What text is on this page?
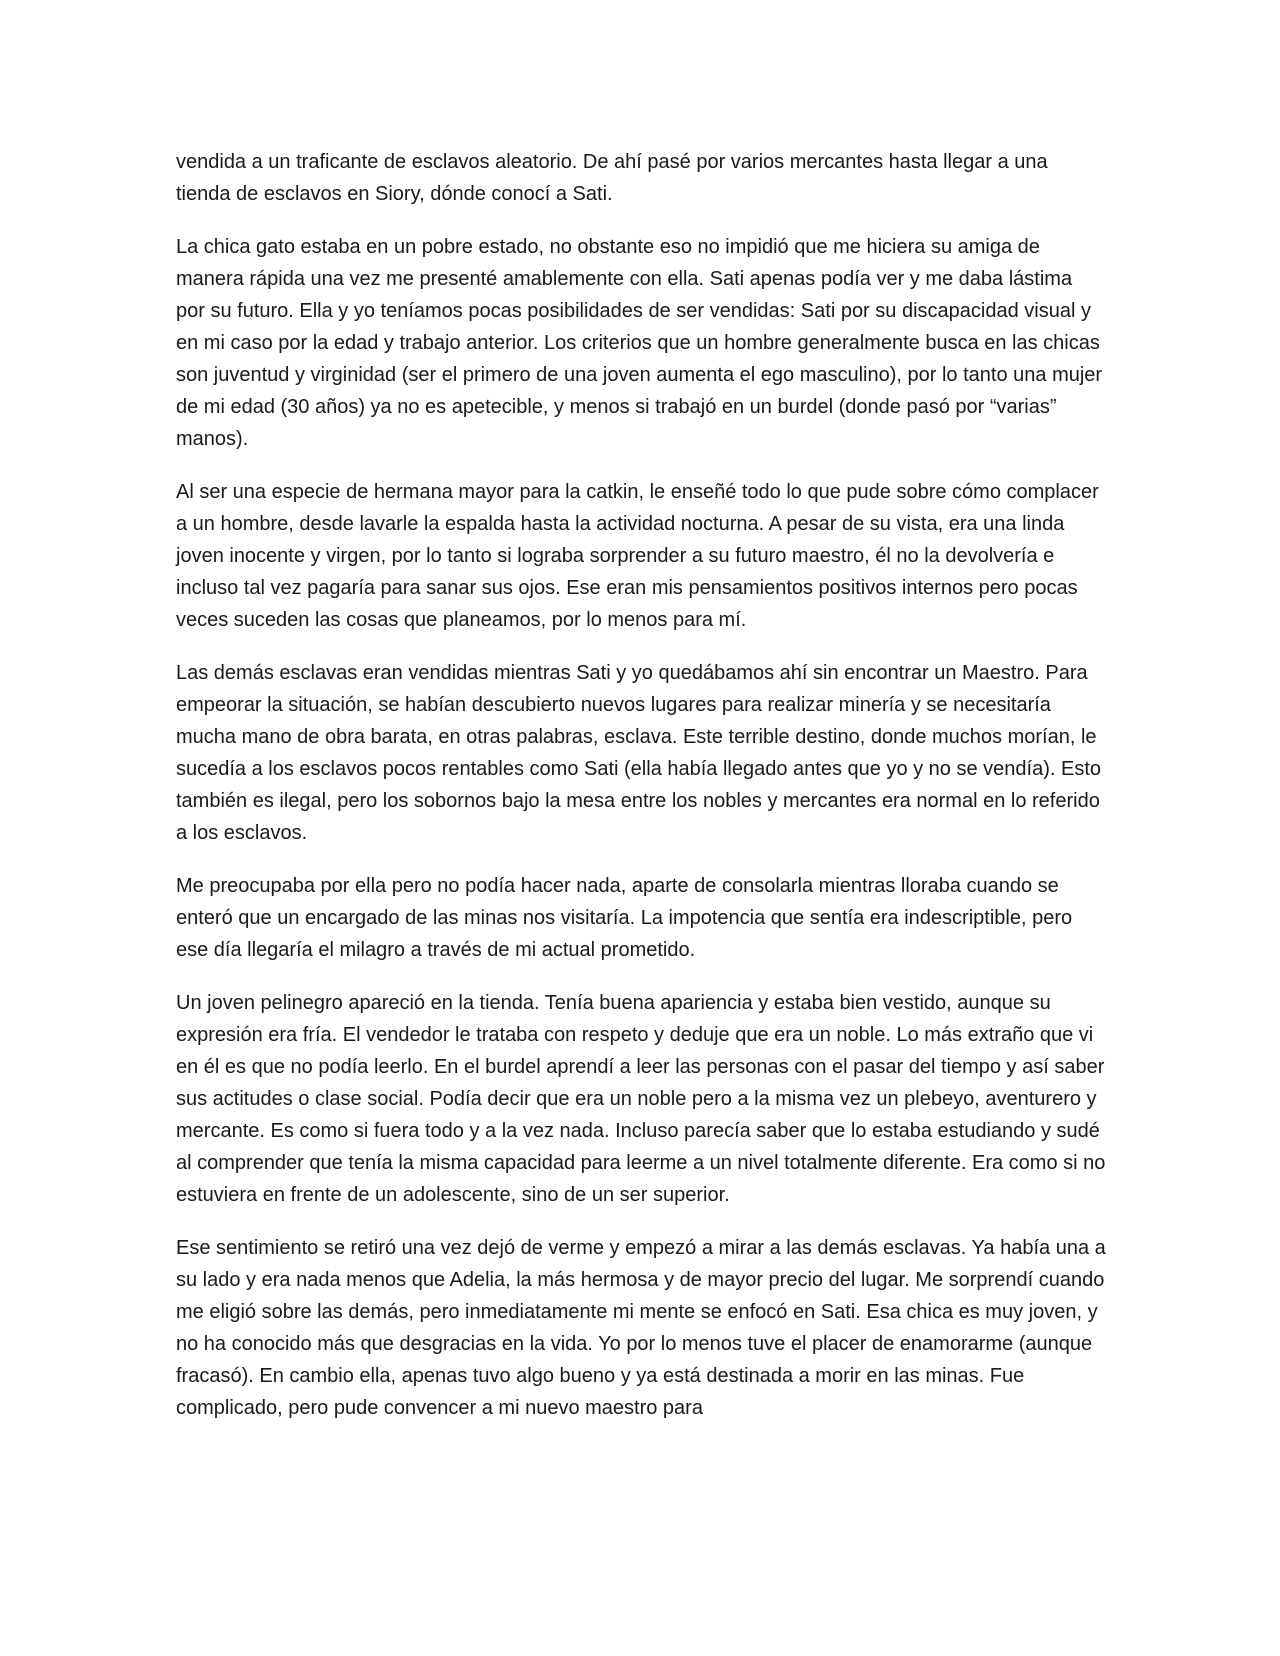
vendida a un traficante de esclavos aleatorio. De ahí pasé por varios mercantes hasta llegar a una tienda de esclavos en Siory, dónde conocí a Sati.

La chica gato estaba en un pobre estado, no obstante eso no impidió que me hiciera su amiga de manera rápida una vez me presenté amablemente con ella. Sati apenas podía ver y me daba lástima por su futuro. Ella y yo teníamos pocas posibilidades de ser vendidas: Sati por su discapacidad visual y en mi caso por la edad y trabajo anterior. Los criterios que un hombre generalmente busca en las chicas son juventud y virginidad (ser el primero de una joven aumenta el ego masculino), por lo tanto una mujer de mi edad (30 años) ya no es apetecible, y menos si trabajó en un burdel (donde pasó por “varias” manos).

Al ser una especie de hermana mayor para la catkin, le enseñé todo lo que pude sobre cómo complacer a un hombre, desde lavarle la espalda hasta la actividad nocturna. A pesar de su vista, era una linda joven inocente y virgen, por lo tanto si lograba sorprender a su futuro maestro, él no la devolvería e incluso tal vez pagaría para sanar sus ojos. Ese eran mis pensamientos positivos internos pero pocas veces suceden las cosas que planeamos, por lo menos para mí.

Las demás esclavas eran vendidas mientras Sati y yo quedábamos ahí sin encontrar un Maestro. Para empeorar la situación, se habían descubierto nuevos lugares para realizar minería y se necesitaría mucha mano de obra barata, en otras palabras, esclava. Este terrible destino, donde muchos morían, le sucedía a los esclavos pocos rentables como Sati (ella había llegado antes que yo y no se vendía). Esto también es ilegal, pero los sobornos bajo la mesa entre los nobles y mercantes era normal en lo referido a los esclavos.

Me preocupaba por ella pero no podía hacer nada, aparte de consolarla mientras lloraba cuando se enteró que un encargado de las minas nos visitaría. La impotencia que sentía era indescriptible, pero ese día llegaría el milagro a través de mi actual prometido.

Un joven pelinegro apareció en la tienda. Tenía buena apariencia y estaba bien vestido, aunque su expresión era fría. El vendedor le trataba con respeto y deduje que era un noble. Lo más extraño que vi en él es que no podía leerlo. En el burdel aprendí a leer las personas con el pasar del tiempo y así saber sus actitudes o clase social. Podía decir que era un noble pero a la misma vez un plebeyo, aventurero y mercante. Es como si fuera todo y a la vez nada. Incluso parecía saber que lo estaba estudiando y sudé al comprender que tenía la misma capacidad para leerme a un nivel totalmente diferente. Era como si no estuviera en frente de un adolescente, sino de un ser superior.

Ese sentimiento se retiró una vez dejó de verme y empezó a mirar a las demás esclavas. Ya había una a su lado y era nada menos que Adelia, la más hermosa y de mayor precio del lugar. Me sorprendí cuando me eligió sobre las demás, pero inmediatamente mi mente se enfocó en Sati. Esa chica es muy joven, y no ha conocido más que desgracias en la vida. Yo por lo menos tuve el placer de enamorarme (aunque fracasó). En cambio ella, apenas tuvo algo bueno y ya está destinada a morir en las minas. Fue complicado, pero pude convencer a mi nuevo maestro para
